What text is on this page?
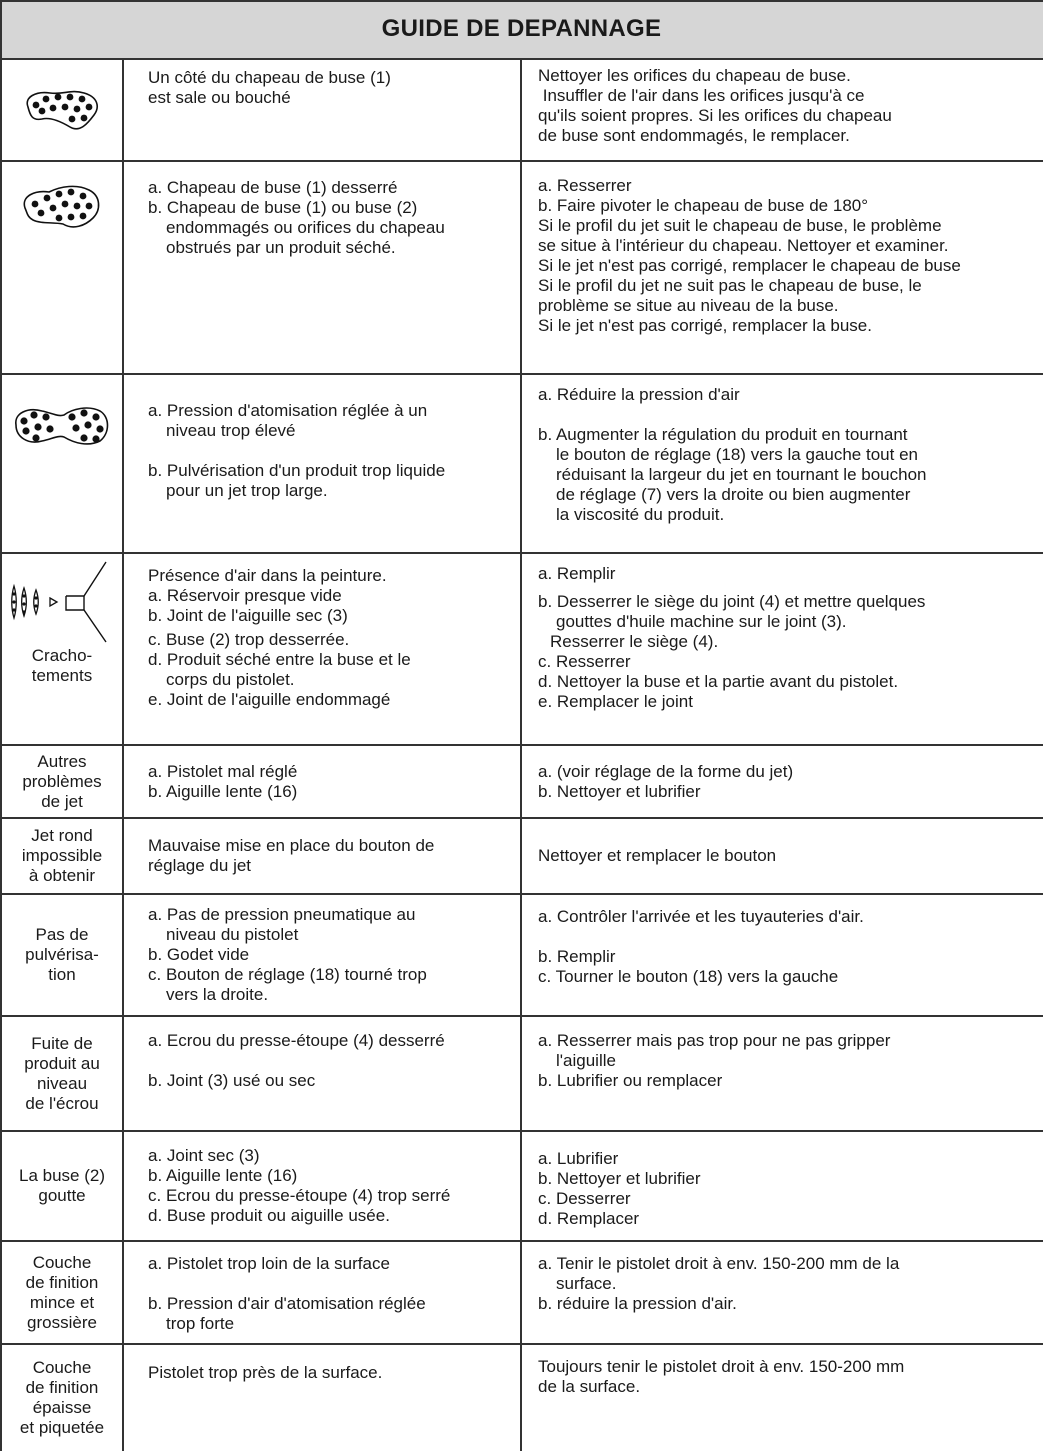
GUIDE DE DEPANNAGE
Un côté du chapeau de buse (1)
est sale ou bouché
Nettoyer les orifices du chapeau de buse.
Insuffler de l'air dans les orifices jusqu'à ce
qu'ils soient propres. Si les orifices du chapeau
de buse sont endommagés, le remplacer.
a. Chapeau de buse (1) desserré
b. Chapeau de buse (1) ou buse (2)
endommagés ou orifices du chapeau
obstrués par un produit séché.
a. Resserrer
b. Faire pivoter le chapeau de buse de 180°
Si le profil du jet suit le chapeau de buse, le problème
se situe à l'intérieur du chapeau. Nettoyer et examiner.
Si le jet n'est pas corrigé, remplacer le chapeau de buse
Si le profil du jet ne suit pas le chapeau de buse, le
problème se situe au niveau de la buse.
Si le jet n'est pas corrigé, remplacer la buse.
a. Pression d'atomisation réglée à un
niveau trop élevé
b. Pulvérisation d'un produit trop liquide
pour un jet trop large.
a. Réduire la pression d'air
b. Augmenter la régulation du produit en tournant
le bouton de réglage (18) vers la gauche tout en
réduisant la largeur du jet en tournant le bouchon
de réglage (7) vers la droite ou bien augmenter
la viscosité du produit.
Cracho-
tements
Présence d'air dans la peinture.
a. Réservoir presque vide
b. Joint de l'aiguille sec (3)
c. Buse (2) trop desserrée.
d. Produit séché entre la buse et le
corps du pistolet.
e. Joint de l'aiguille endommagé
a. Remplir
b. Desserrer le siège du joint (4) et mettre quelques
gouttes d'huile machine sur le joint (3).
Resserrer le siège (4).
c. Resserrer
d. Nettoyer la buse et la partie avant du pistolet.
e. Remplacer le joint
Autres
problèmes
de jet
a. Pistolet mal réglé
b. Aiguille lente (16)
a. (voir réglage de la forme du jet)
b. Nettoyer et lubrifier
Jet rond
impossible
à obtenir
Mauvaise mise en place du bouton de
réglage du jet
Nettoyer et remplacer le bouton
Pas de
pulvérisa-
tion
a. Pas de pression pneumatique au
niveau du pistolet
b. Godet vide
c. Bouton de réglage (18) tourné trop
vers la droite.
a. Contrôler l'arrivée et les tuyauteries d'air.
b. Remplir
c. Tourner le bouton (18) vers la gauche
Fuite de
produit au
niveau
de l'écrou
a. Ecrou du presse-étoupe (4) desserré
b. Joint (3) usé ou sec
a. Resserrer mais pas trop pour ne pas gripper
l'aiguille
b. Lubrifier ou remplacer
La buse (2)
goutte
a. Joint sec (3)
b. Aiguille lente (16)
c. Ecrou du presse-étoupe (4) trop serré
d. Buse produit ou aiguille usée.
a. Lubrifier
b. Nettoyer et lubrifier
c. Desserrer
d. Remplacer
Couche
de finition
mince et
grossière
a. Pistolet trop loin de la surface
b. Pression d'air d'atomisation réglée
trop forte
a. Tenir le pistolet droit à env. 150-200 mm de la
surface.
b. réduire la pression d'air.
Couche
de finition
épaisse
et piquetée
Pistolet trop près de la surface.	Toujours tenir le pistolet droit à env. 150-200 mm
de la surface.
